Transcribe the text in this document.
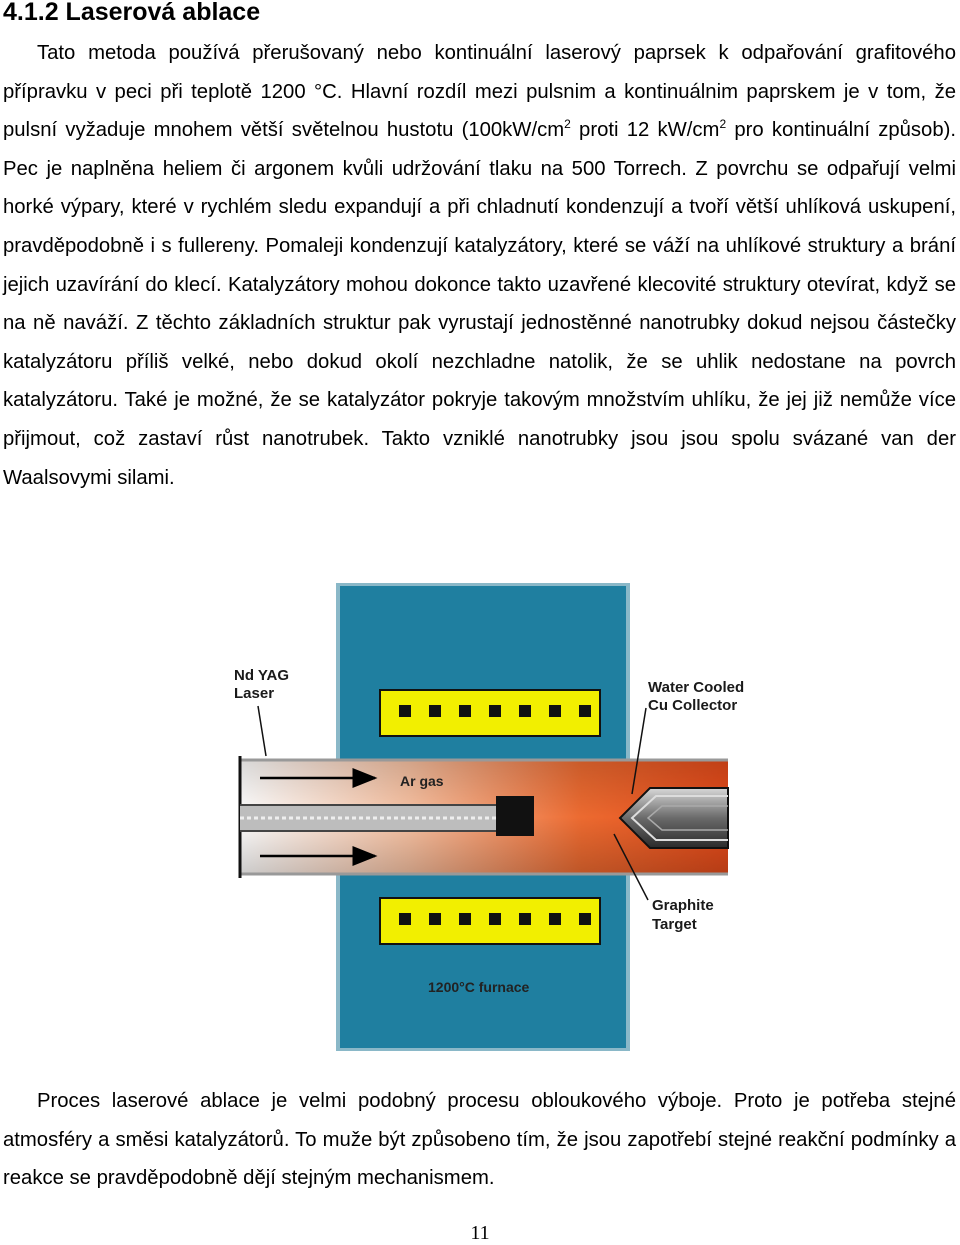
4.1.2 Laserová ablace

Tato metoda používá přerušovaný nebo kontinuální laserový paprsek k odpařování grafitového přípravku v peci při teplotě 1200 °C. Hlavní rozdíl mezi pulsnim a kontinuálnim paprskem je v tom, že pulsní vyžaduje mnohem větší světelnou hustotu ($100kW/cm^2$ proti 12 $kW/cm^2$ pro kontinuální způsob). Pec je naplněna heliem či argonem kvůli udržování tlaku na 500 Torrech. Z povrchu se odpařují velmi horké výpary, které v rychlém sledu expandují a při chladnutí kondenzují a tvoří větší uhlíková uskupení, pravděpodobně i s fullereny. Pomaleji kondenzují katalyzátory, které se váží na uhlíkové struktury a brání jejich uzavírání do klecí. Katalyzátory mohou dokonce takto uzavřené klecovité struktury otevírat, když se na ně naváží. Z těchto základních struktur pak vyrustají jednostěnné nanotrubky dokud nejsou částečky katalyzátoru příliš velké, nebo dokud okolí nezchladne natolik, že se uhlik nedostane na povrch katalyzátoru. Také je možné, že se katalyzátor pokryje takovým množstvím uhlíku, že jej již nemůže více přijmout, což zastaví růst nanotrubek. Takto vzniklé nanotrubky jsou jsou spolu svázané van der Waalsovymi silami.

Nd YAG
Laser	Water Cooled
Cu Collector
Ar gas
Graphite
Target
1200°C furnace

Proces laserové ablace je velmi podobný procesu obloukového výboje. Proto je potřeba stejné atmosféry a směsi katalyzátorů. To muže být způsobeno tím, že jsou zapotřebí stejné reakční podmínky a reakce se pravděpodobně dějí stejným mechanismem.

11
